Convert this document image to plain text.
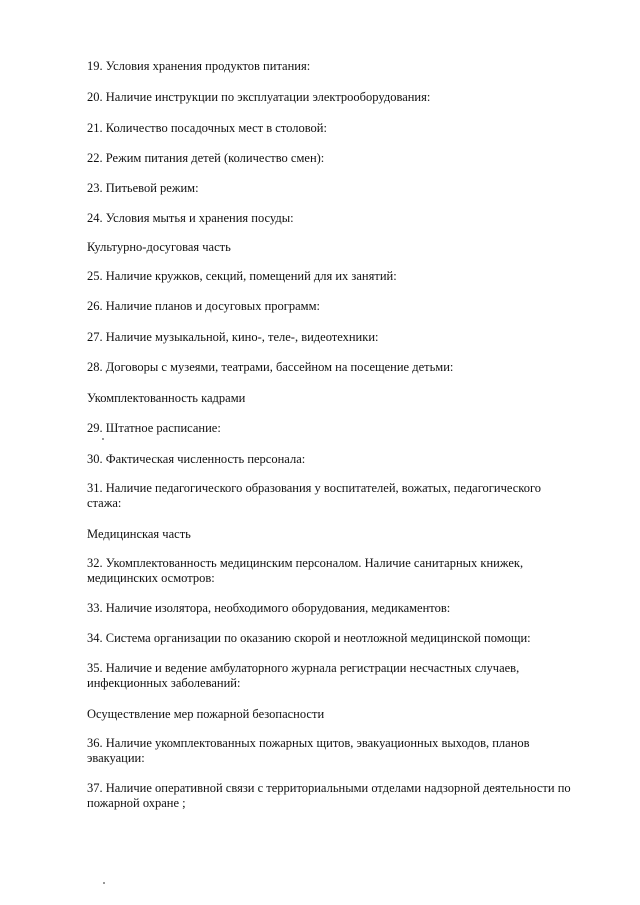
19. Условия хранения продуктов питания:
20. Наличие инструкции по эксплуатации электрооборудования:
21. Количество посадочных мест в столовой:
22. Режим питания детей (количество смен):
23. Питьевой режим:
24. Условия мытья и хранения посуды:
Культурно-досуговая часть
25. Наличие кружков, секций, помещений для их занятий:
26. Наличие планов и досуговых программ:
27. Наличие музыкальной, кино-, теле-, видеотехники:
28. Договоры с музеями, театрами, бассейном на посещение детьми:
Укомплектованность кадрами
29. Штатное расписание:
30. Фактическая численность персонала:
31. Наличие педагогического образования у воспитателей, вожатых, педагогического
стажа:
Медицинская часть
32. Укомплектованность медицинским персоналом. Наличие санитарных книжек,
медицинских осмотров:
33. Наличие изолятора, необходимого оборудования, медикаментов:
34. Система организации по оказанию скорой и неотложной медицинской помощи:
35. Наличие и ведение амбулаторного журнала регистрации несчастных случаев,
инфекционных заболеваний:
Осуществление мер пожарной безопасности
36. Наличие укомплектованных пожарных щитов, эвакуационных выходов, планов
эвакуации:
37. Наличие оперативной связи с территориальными отделами надзорной деятельности по
пожарной охране ;
